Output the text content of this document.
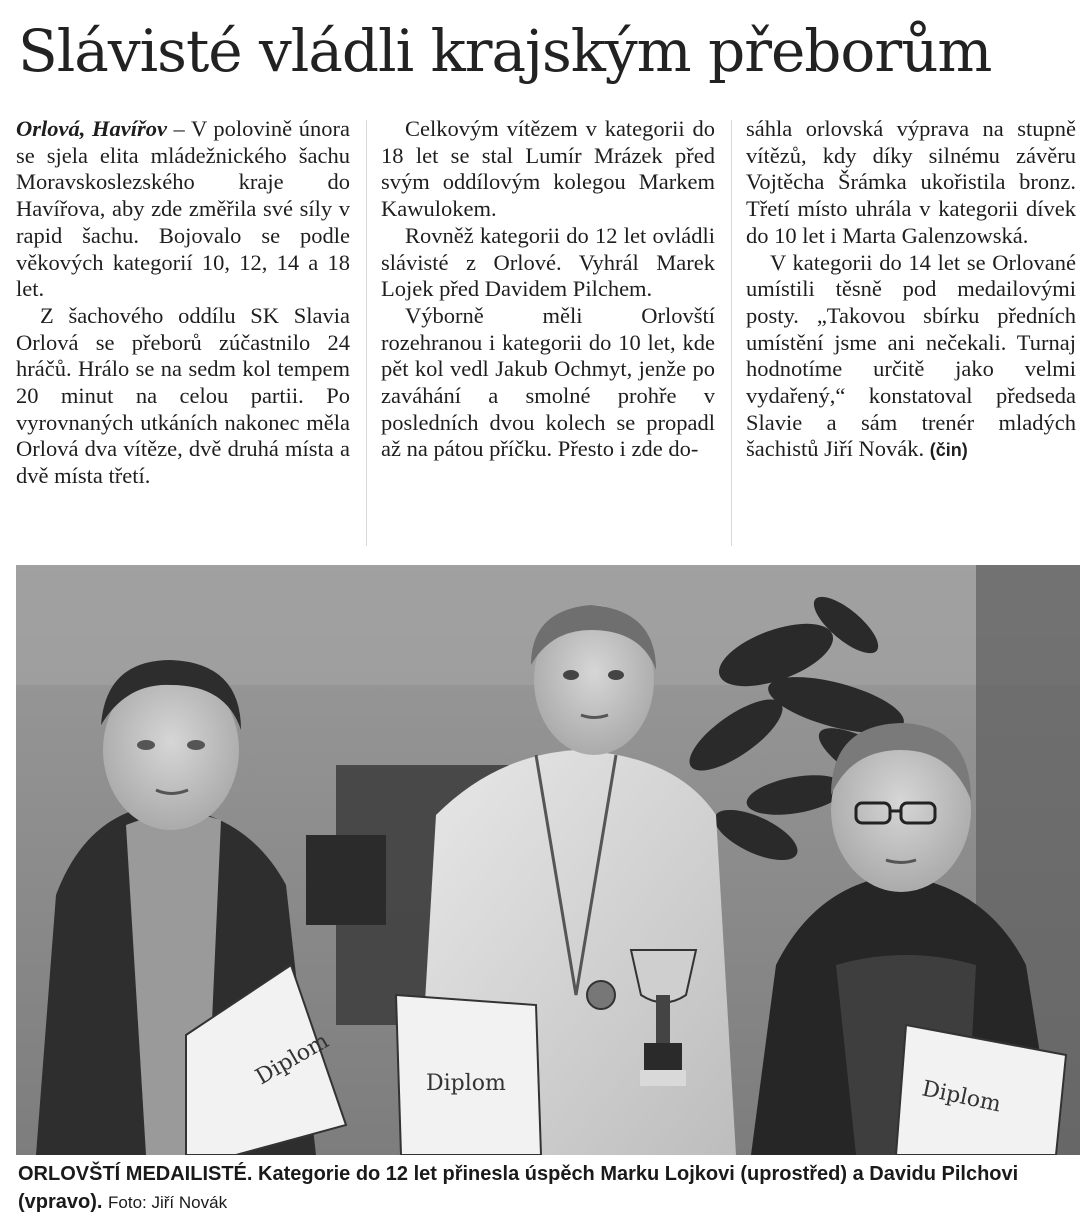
Slávisté vládli krajským přeborům

Orlová, Havířov – V polovině února se sjela elita mládežnického šachu Moravskoslezského kraje do Havířova, aby zde změřila své síly v rapid šachu. Bojovalo se podle věkových kategorií 10, 12, 14 a 18 let.

Z šachového oddílu SK Slavia Orlová se přeborů zúčastnilo 24 hráčů. Hrálo se na sedm kol tempem 20 minut na celou partii. Po vyrovnaných utkáních nakonec měla Orlová dva vítěze, dvě druhá místa a dvě místa třetí.

Celkovým vítězem v kategorii do 18 let se stal Lumír Mrázek před svým oddílovým kolegou Markem Kawulokem.

Rovněž kategorii do 12 let ovládli slávisté z Orlové. Vyhrál Marek Lojek před Davidem Pilchem.

Výborně měli Orlovští rozehranou i kategorii do 10 let, kde pět kol vedl Jakub Ochmyt, jenže po zaváhání a smolné prohře v posledních dvou kolech se propadl až na pátou příčku. Přesto i zde do-

sáhla orlovská výprava na stupně vítězů, kdy díky silnému závěru Vojtěcha Šrámka ukořistila bronz. Třetí místo uhrála v kategorii dívek do 10 let i Marta Galenzowská.

V kategorii do 14 let se Orlované umístili těsně pod medailovými posty. „Takovou sbírku předních umístění jsme ani nečekali. Turnaj hodnotíme určitě jako velmi vydařený,“ konstatoval předseda Slavie a sám trenér mladých šachistů Jiří Novák. (čin)

Diplom	Diplom	Diplom
ORLOVŠTÍ MEDAILISTÉ. Kategorie do 12 let přinesla úspěch Marku Lojkovi (uprostřed) a Davidu Pilchovi (vpravo). Foto: Jiří Novák
